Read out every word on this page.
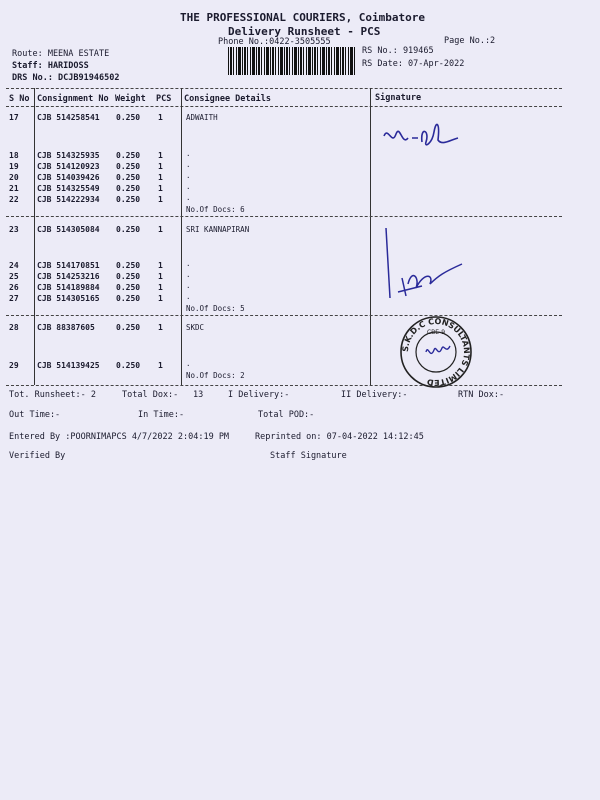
THE PROFESSIONAL COURIERS, Coimbatore
Delivery Runsheet - PCS
Phone No.:0422-3505555	Page No.:2
Route: MEENA ESTATE
Staff: HARIDOSS
DRS No.: DCJB91946502
RS No.: 919465
RS Date: 07-Apr-2022
S No Consignment No Weight PCS Consignee Details	Signature
17 CJB 514258541 0.250 1	ADWAITH
18 CJB 514325935 0.250 1	.
19 CJB 514120923 0.250 1	.
20 CJB 514039426 0.250 1	.
21 CJB 514325549 0.250 1	.
22 CJB 514222934 0.250 1	.
No.Of Docs: 6
23 CJB 514305084 0.250 1	SRI KANNAPIRAN
24 CJB 514170851 0.250 1	.
25 CJB 514253216 0.250 1	.
26 CJB 514189884 0.250 1	.
27 CJB 514305165 0.250 1	.
No.Of Docs: 5
28 CJB 88387605	0.250 1	SKDC
29 CJB 514139425 0.250 1	.
No.Of Docs: 2
S.K.D.C CONSULTANTS LIMITED
CBE-9
Tot. Runsheet:- 2	Total Dox:- 13	I Delivery:-	II Delivery:-	RTN Dox:-
Out Time:-	In Time:-	Total POD:-
Entered By :POORNIMAPCS 4/7/2022 2:04:19 PM	Reprinted on: 07-04-2022 14:12:45
Verified By	Staff Signature
